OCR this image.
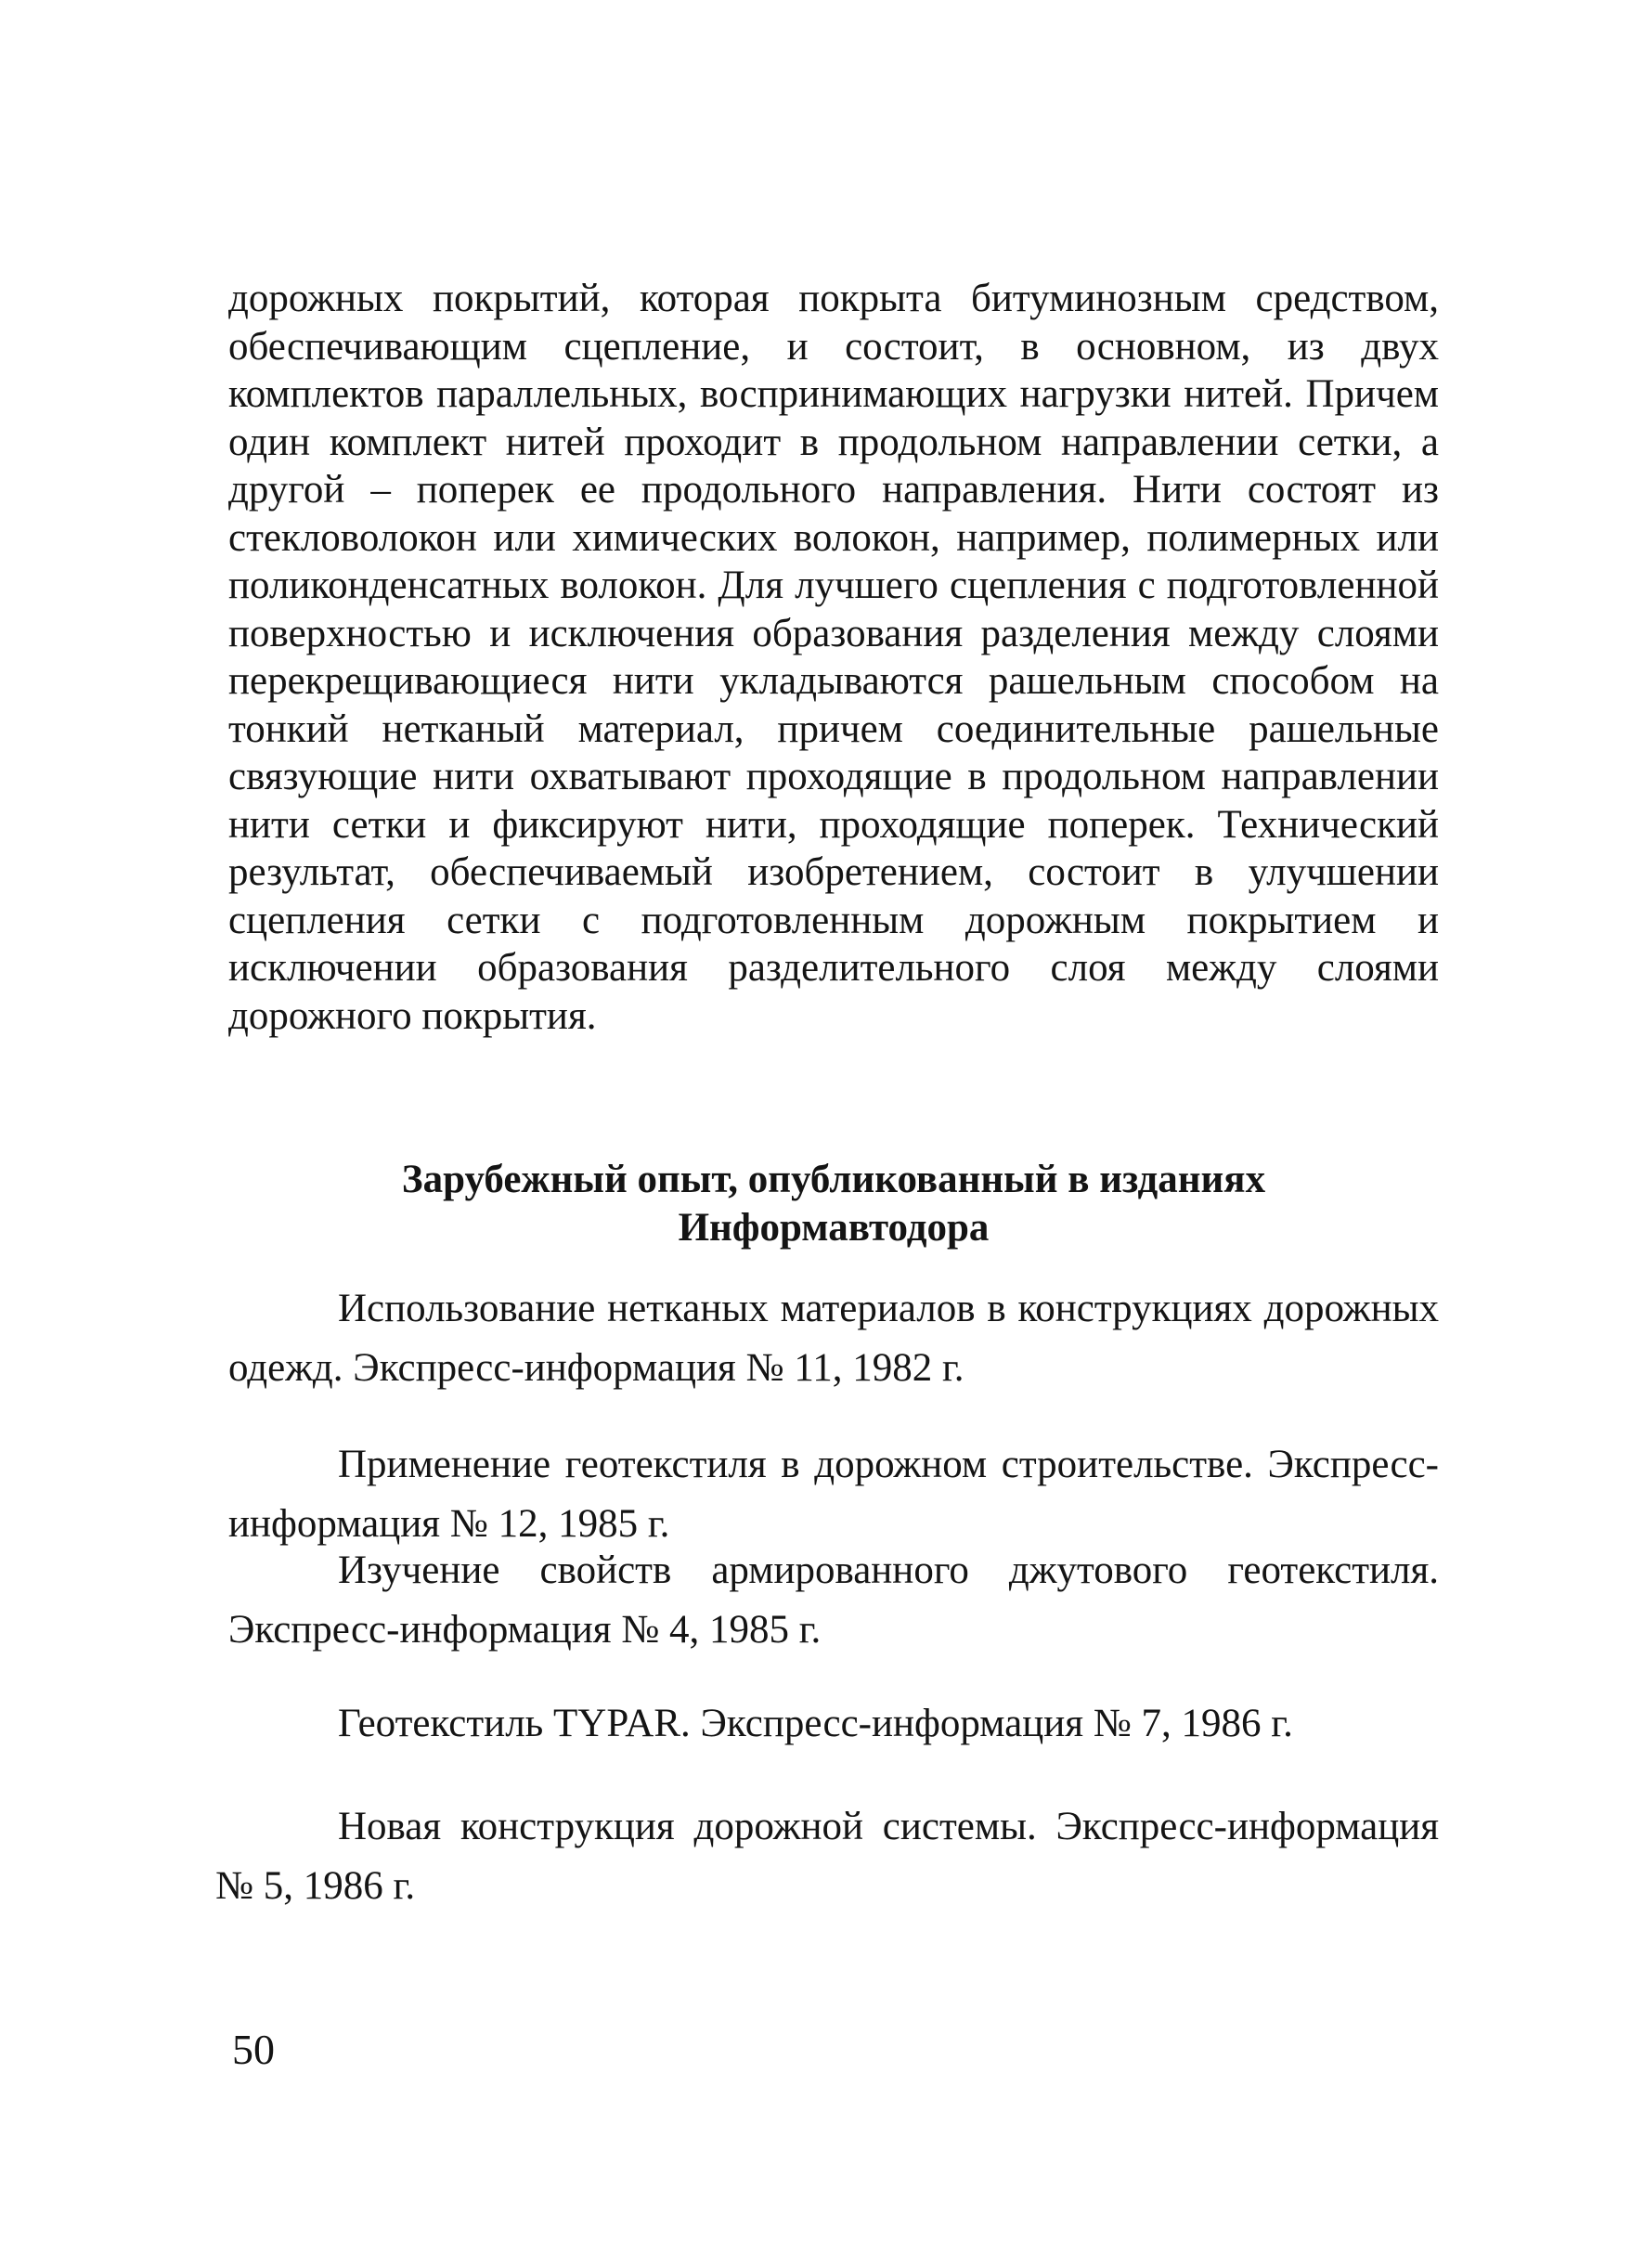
дорожных покрытий, которая покрыта битуминозным средством, обеспечивающим сцепление, и состоит, в основном, из двух комплектов параллельных, воспринимающих нагрузки нитей. Причем один комплект нитей проходит в продольном направлении сетки, а другой – поперек ее продольного направления. Нити состоят из стекловолокон или химических волокон, например, полимерных или поликонденсатных волокон. Для лучшего сцепления с подготовленной поверхностью и исключения образования разделения между слоями перекрещивающиеся нити укладываются рашельным способом на тонкий нетканый материал, причем соединительные рашельные связующие нити охватывают проходящие в продольном направлении нити сетки и фиксируют нити, проходящие поперек. Технический результат, обеспечиваемый изобретением, состоит в улучшении сцепления сетки с подготовленным дорожным покрытием и исключении образования разделительного слоя между слоями дорожного покрытия.

Зарубежный опыт, опубликованный в изданиях
Информавтодора

Использование нетканых материалов в конструкциях дорожных одежд. Экспресс-информация № 11, 1982 г.

Применение геотекстиля в дорожном строительстве. Экспресс-информация № 12, 1985 г.

Изучение свойств армированного джутового геотекстиля. Экспресс-информация № 4, 1985 г.

Геотекстиль TYPAR. Экспресс-информация № 7, 1986 г.

Новая конструкция дорожной системы. Экспресс-информация № 5, 1986 г.

50
